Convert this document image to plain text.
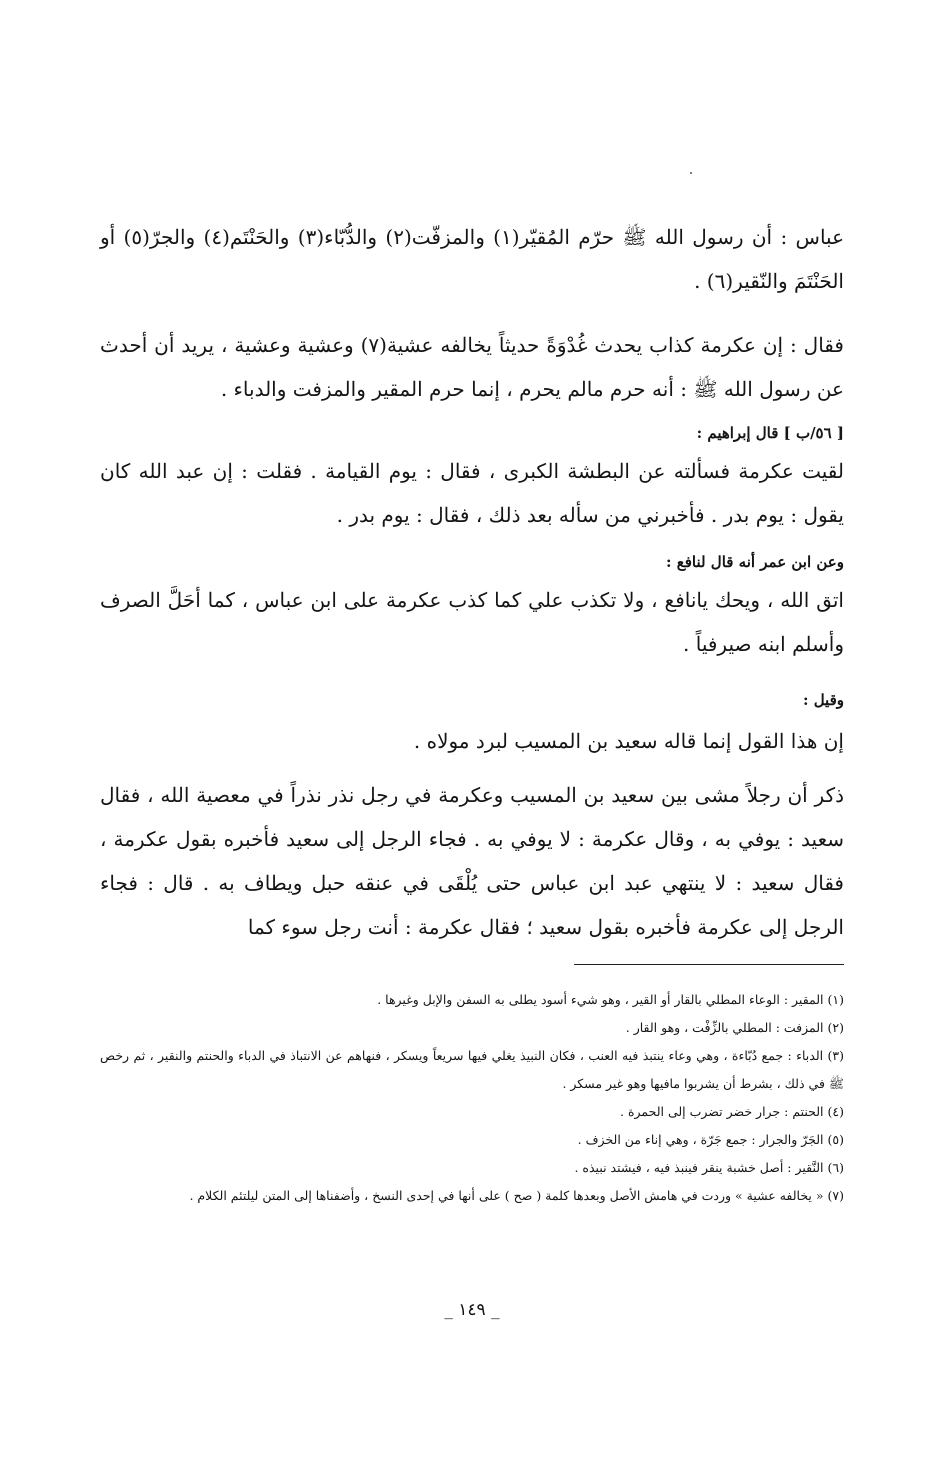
عباس : أن رسول الله ﷺ حرّم المُقيّر(١) والمزفّت(٢) والدُّبّاء(٣) والحَنْتَم(٤) والجرّ(٥) أو الحَنْتَمَ والنّقير(٦) .
فقال : إن عكرمة كذاب يحدث غُدْوَةً حديثاً يخالفه عشية(٧) وعشية وعشية ، يريد أن أحدث عن رسول الله ﷺ : أنه حرم مالم يحرم ، إنما حرم المقير والمزفت والدباء .
[ ٥٦/ب ] قال إبراهيم :
لقيت عكرمة فسألته عن البطشة الكبرى ، فقال : يوم القيامة . فقلت : إن عبد الله كان يقول : يوم بدر . فأخبرني من سأله بعد ذلك ، فقال : يوم بدر .
وعن ابن عمر أنه قال لنافع :
اتق الله ، ويحك يانافع ، ولا تكذب علي كما كذب عكرمة على ابن عباس ، كما أحَلَّ الصرف وأسلم ابنه صيرفياً .
وقيل :
إن هذا القول إنما قاله سعيد بن المسيب لبرد مولاه .
ذكر أن رجلاً مشى بين سعيد بن المسيب وعكرمة في رجل نذر نذراً في معصية الله ، فقال سعيد : يوفي به ، وقال عكرمة : لا يوفي به . فجاء الرجل إلى سعيد فأخبره بقول عكرمة ، فقال سعيد : لا ينتهي عبد ابن عباس حتى يُلْقَى في عنقه حبل ويطاف به . قال : فجاء الرجل إلى عكرمة فأخبره بقول سعيد ؛ فقال عكرمة : أنت رجل سوء كما
(١) المقير : الوعاء المطلي بالقار أو القير ، وهو شيء أسود يطلى به السفن والإبل وغيرها .
(٢) المزفت : المطلي بالزِّفْت ، وهو القار .
(٣) الدباء : جمع دُبّاءة ، وهي وعاء ينتبذ فيه العنب ، فكان النبيذ يغلي فيها سريعاً ويسكر ، فنهاهم عن الانتباذ في الدباء والحنتم والنقير ، ثم رخص ﷺ في ذلك ، بشرط أن يشربوا مافيها وهو غير مسكر .
(٤) الحنتم : جرار خضر تضرب إلى الحمرة .
(٥) الجَرّ والجرار : جمع جَرّة ، وهي إناء من الخزف .
(٦) النَّقير : أصل خشبة ينقر فينبذ فيه ، فيشتد نبيذه .
(٧) « يخالفه عشية » وردت في هامش الأصل وبعدها كلمة ( صح ) على أنها في إحدى النسخ ، وأضفناها إلى المتن ليلتئم الكلام .
_ ١٤٩ _
